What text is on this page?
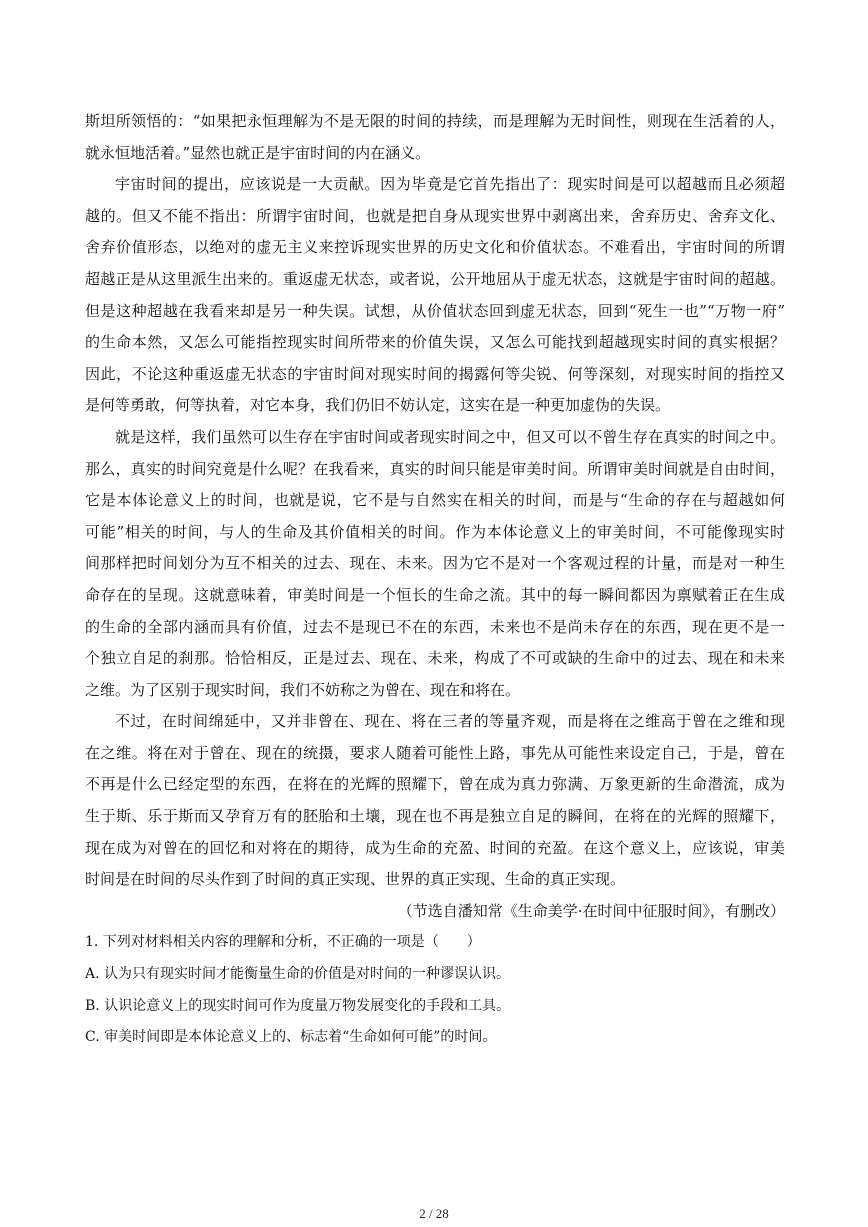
斯坦所领悟的：“如果把永恒理解为不是无限的时间的持续，而是理解为无时间性，则现在生活着的人，
就永恒地活着。”显然也就正是宇宙时间的内在涵义。
宇宙时间的提出，应该说是一大贡献。因为毕竟是它首先指出了：现实时间是可以超越而且必须超
越的。但又不能不指出：所谓宇宙时间，也就是把自身从现实世界中剥离出来，舍弃历史、舍弃文化、
舍弃价值形态，以绝对的虚无主义来控诉现实世界的历史文化和价值状态。不难看出，宇宙时间的所谓
超越正是从这里派生出来的。重返虚无状态，或者说，公开地屈从于虚无状态，这就是宇宙时间的超越。
但是这种超越在我看来却是另一种失误。试想，从价值状态回到虚无状态，回到“死生一也”“万物一府”
的生命本然，又怎么可能指控现实时间所带来的价值失误，又怎么可能找到超越现实时间的真实根据？
因此，不论这种重返虚无状态的宇宙时间对现实时间的揭露何等尖锐、何等深刻，对现实时间的指控又
是何等勇敢，何等执着，对它本身，我们仍旧不妨认定，这实在是一种更加虚伪的失误。
就是这样，我们虽然可以生存在宇宙时间或者现实时间之中，但又可以不曾生存在真实的时间之中。
那么，真实的时间究竟是什么呢？在我看来，真实的时间只能是审美时间。所谓审美时间就是自由时间，
它是本体论意义上的时间，也就是说，它不是与自然实在相关的时间，而是与“生命的存在与超越如何
可能”相关的时间，与人的生命及其价值相关的时间。作为本体论意义上的审美时间，不可能像现实时
间那样把时间划分为互不相关的过去、现在、未来。因为它不是对一个客观过程的计量，而是对一种生
命存在的呈现。这就意味着，审美时间是一个恒长的生命之流。其中的每一瞬间都因为禀赋着正在生成
的生命的全部内涵而具有价值，过去不是现已不在的东西，未来也不是尚未存在的东西，现在更不是一
个独立自足的刹那。恰恰相反，正是过去、现在、未来，构成了不可或缺的生命中的过去、现在和未来
之维。为了区别于现实时间，我们不妨称之为曾在、现在和将在。
不过，在时间绵延中，又并非曾在、现在、将在三者的等量齐观，而是将在之维高于曾在之维和现
在之维。将在对于曾在、现在的统摄，要求人随着可能性上路，事先从可能性来设定自己，于是，曾在
不再是什么已经定型的东西，在将在的光辉的照耀下，曾在成为真力弥满、万象更新的生命潜流，成为
生于斯、乐于斯而又孕育万有的胚胎和土壤，现在也不再是独立自足的瞬间，在将在的光辉的照耀下，
现在成为对曾在的回忆和对将在的期待，成为生命的充盈、时间的充盈。在这个意义上，应该说，审美
时间是在时间的尽头作到了时间的真正实现、世界的真正实现、生命的真正实现。
（节选自潘知常《生命美学·在时间中征服时间》，有删改）
1. 下列对材料相关内容的理解和分析，不正确的一项是（　　）
A. 认为只有现实时间才能衡量生命的价值是对时间的一种谬误认识。
B. 认识论意义上的现实时间可作为度量万物发展变化的手段和工具。
C. 审美时间即是本体论意义上的、标志着“生命如何可能”的时间。
2 / 28
